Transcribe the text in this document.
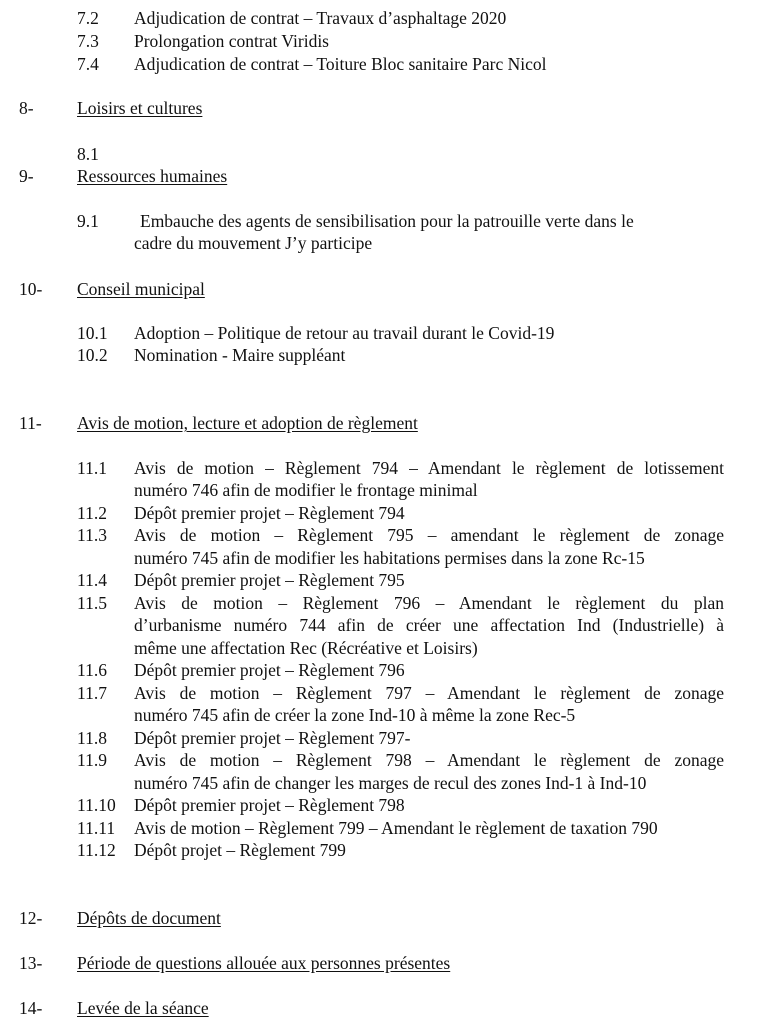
7.2 Adjudication de contrat – Travaux d’asphaltage 2020
7.3 Prolongation contrat Viridis
7.4 Adjudication de contrat – Toiture Bloc sanitaire Parc Nicol
8- Loisirs et cultures
8.1
9- Ressources humaines
9.1 Embauche des agents de sensibilisation pour la patrouille verte dans le
cadre du mouvement J’y participe
10- Conseil municipal
10.1 Adoption – Politique de retour au travail durant le Covid-19
10.2 Nomination - Maire suppléant
11- Avis de motion, lecture et adoption de règlement
11.1 Avis de motion – Règlement 794 – Amendant le règlement de lotissement
numéro 746 afin de modifier le frontage minimal
11.2 Dépôt premier projet – Règlement 794
11.3 Avis de motion – Règlement 795 – amendant le règlement de zonage
numéro 745 afin de modifier les habitations permises dans la zone Rc-15
11.4 Dépôt premier projet – Règlement 795
11.5 Avis de motion – Règlement 796 – Amendant le règlement du plan
d’urbanisme numéro 744 afin de créer une affectation Ind (Industrielle) à
même une affectation Rec (Récréative et Loisirs)
11.6 Dépôt premier projet – Règlement 796
11.7 Avis de motion – Règlement 797 – Amendant le règlement de zonage
numéro 745 afin de créer la zone Ind-10 à même la zone Rec-5
11.8 Dépôt premier projet – Règlement 797-
11.9 Avis de motion – Règlement 798 – Amendant le règlement de zonage
numéro 745 afin de changer les marges de recul des zones Ind-1 à Ind-10
11.10 Dépôt premier projet – Règlement 798
11.11 Avis de motion – Règlement 799 – Amendant le règlement de taxation 790
11.12 Dépôt projet – Règlement 799
12- Dépôts de document
13- Période de questions allouée aux personnes présentes
14- Levée de la séance
